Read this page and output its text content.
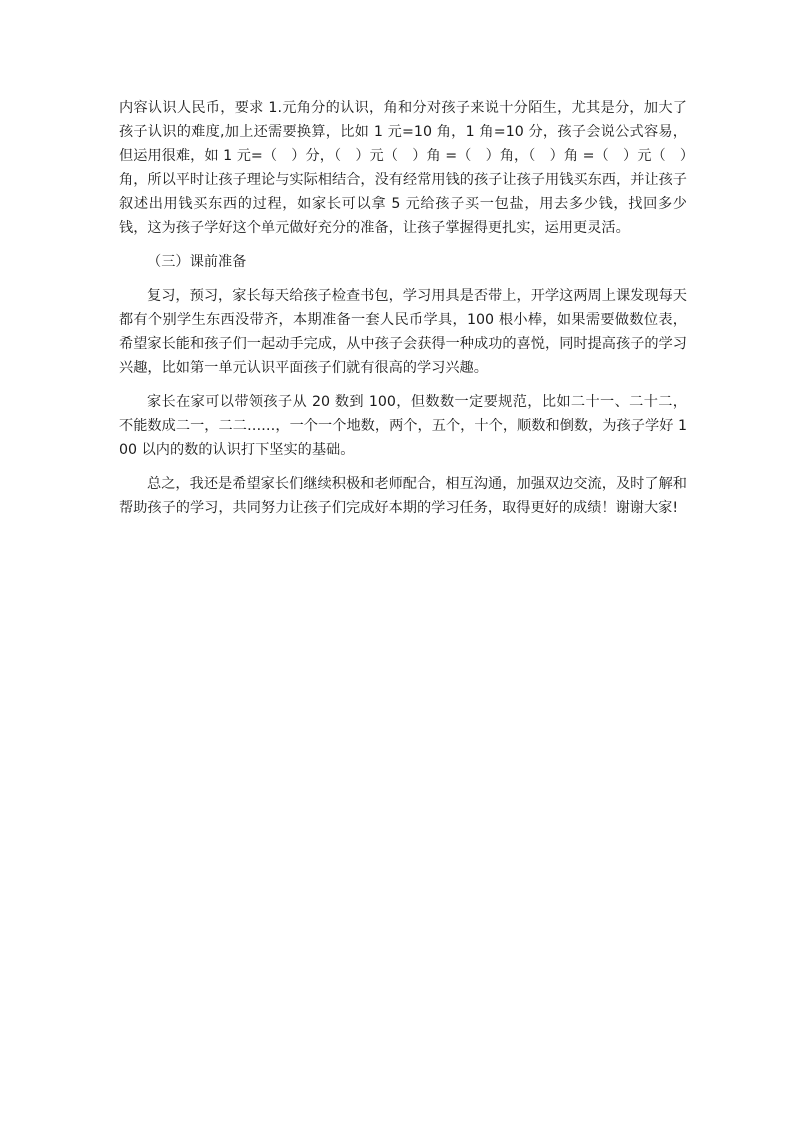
内容认识人民币，要求 1.元角分的认识，角和分对孩子来说十分陌生，尤其是分，加大了孩子认识的难度,加上还需要换算，比如 1 元=10 角，1 角=10 分，孩子会说公式容易，但运用很难，如 1 元=（　）分，（　）元（　）角 =（　）角，（　）角 =（　）元（　）角，所以平时让孩子理论与实际相结合，没有经常用钱的孩子让孩子用钱买东西，并让孩子叙述出用钱买东西的过程，如家长可以拿 5 元给孩子买一包盐，用去多少钱，找回多少钱，这为孩子学好这个单元做好充分的准备，让孩子掌握得更扎实，运用更灵活。

（三）课前准备

复习，预习，家长每天给孩子检查书包，学习用具是否带上，开学这两周上课发现每天都有个别学生东西没带齐，本期准备一套人民币学具，100 根小棒，如果需要做数位表，希望家长能和孩子们一起动手完成，从中孩子会获得一种成功的喜悦，同时提高孩子的学习兴趣，比如第一单元认识平面孩子们就有很高的学习兴趣。

家长在家可以带领孩子从 20 数到 100，但数数一定要规范，比如二十一、二十二，不能数成二一，二二……，一个一个地数，两个，五个，十个，顺数和倒数，为孩子学好 100 以内的数的认识打下坚实的基础。

总之，我还是希望家长们继续积极和老师配合，相互沟通，加强双边交流，及时了解和帮助孩子的学习，共同努力让孩子们完成好本期的学习任务，取得更好的成绩！谢谢大家!
